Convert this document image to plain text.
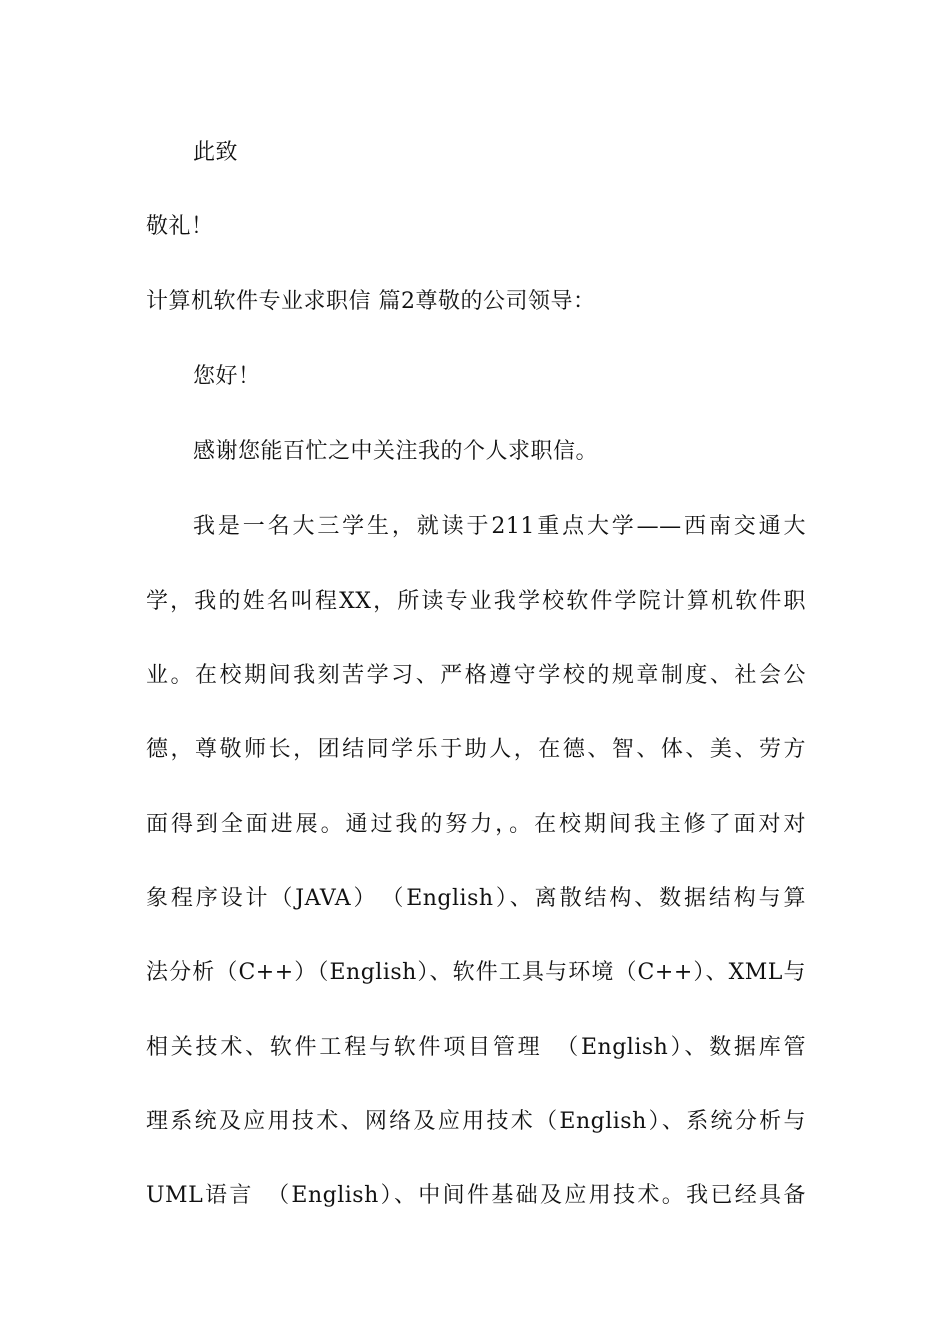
此致
敬礼！
计算机软件专业求职信 篇2尊敬的公司领导：
您好！
感谢您能百忙之中关注我的个人求职信。
我是一名大三学生，就读于211重点大学——西南交通大
学，我的姓名叫程XX，所读专业我学校软件学院计算机软件职
业。在校期间我刻苦学习、严格遵守学校的规章制度、社会公
德，尊敬师长，团结同学乐于助人，在德、智、体、美、劳方
面得到全面进展。通过我的努力，。在校期间我主修了面对对
象程序设计（JAVA）　（English）、离散结构、数据结构与算
法分析（C++）（English）、软件工具与环境（C++）、XML与
相关技术、软件工程与软件项目管理　（English）、数据库管
理系统及应用技术、网络及应用技术（English）、系统分析与
UML语言　（English）、中间件基础及应用技术。我已经具备
